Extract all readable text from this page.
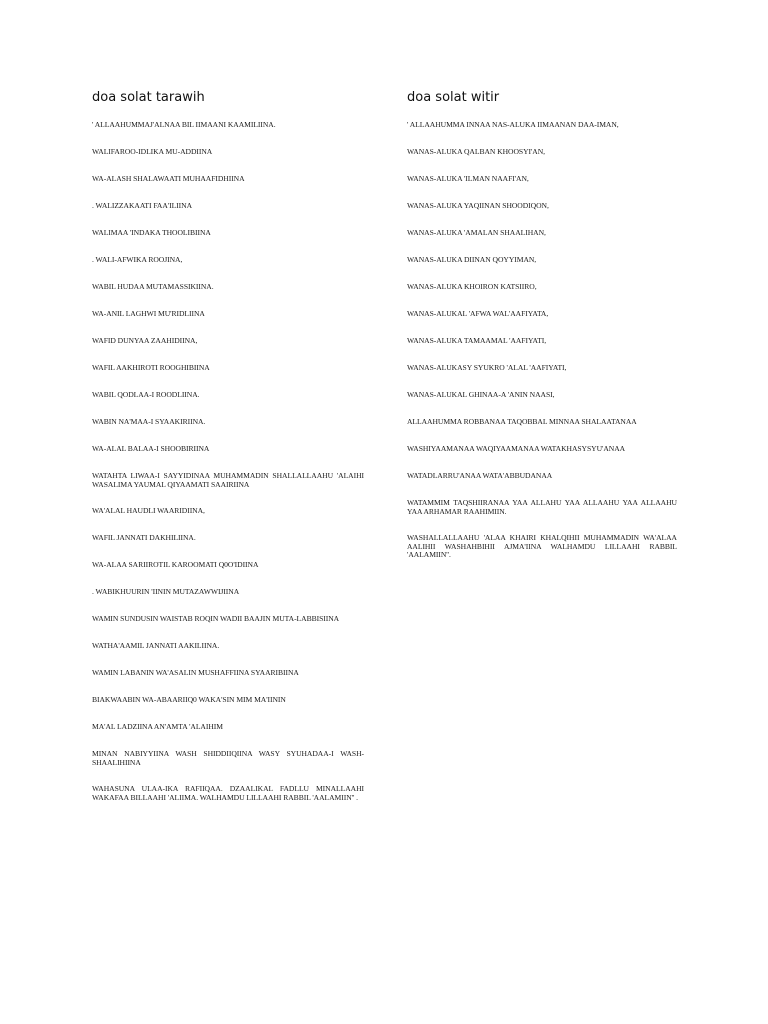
doa solat tarawih
' ALLAAHUMMAJ'ALNAA BIL IIMAANI KAAMILIINA.
WALIFAROO-IDLIKA MU-ADDIINA
WA-ALASH SHALAWAATI MUHAAFIDHIINA
. WALIZZAKAATI FAA'ILIINA
WALIMAA 'INDAKA THOOLIBIINA
. WALI-AFWIKA ROOJINA,
WABIL HUDAA MUTAMASSIKIINA.
WA-ANIL LAGHWI MU'RIDLIINA
WAFID DUNYAA ZAAHIDIINA,
WAFIL AAKHIROTI ROOGHIBIINA
WABIL QODLAA-I ROODLIINA.
WABIN NA'MAA-I SYAAKIRIINA.
WA-ALAL BALAA-I SHOOBIRIINA
WATAHTA LIWAA-I SAYYIDINAA MUHAMMADIN SHALLALLAAHU 'ALAIHI WASALIMA YAUMAL QIYAAMATI SAAIRIINA
WA'ALAL HAUDLI WAARIDIINA,
WAFIL JANNATI DAKHILIINA.
WA-ALAA SARIIROTIL KAROOMATI Q0O'IDIINA
. WABIKHUURIN 'IININ MUTAZAWWIJIINA
WAMIN SUNDUSIN WAISTAB ROQIN WADII BAAJIN MUTA-LABBISIINA
WATHA'AAMIL JANNATI AAKILIINA.
WAMIN LABANIN WA'ASALIN MUSHAFFIINA SYAARIBIINA
BIAKWAABIN WA-ABAARIIQ0 WAKA'SIN MIM MA'IININ
MA'AL LADZIINA AN'AMTA 'ALAIHIM
MINAN NABIYYIINA WASH SHIDDIIQIINA WASY SYUHADAA-I WASH-SHAALIHIINA
WAHASUNA ULAA-IKA RAFIIQAA. DZAALIKAL FADLLU MINALLAAHI WAKAFAA BILLAAHI 'ALIIMA. WALHAMDU LILLAAHI RABBIL 'AALAMIIN'' .
doa solat witir
' ALLAAHUMMA INNAA NAS-ALUKA IIMAANAN DAA-IMAN,
WANAS-ALUKA QALBAN KHOOSYI'AN,
WANAS-ALUKA 'ILMAN NAAFI'AN,
WANAS-ALUKA YAQIINAN SHOODIQON,
WANAS-ALUKA 'AMALAN SHAALIHAN,
WANAS-ALUKA DIINAN QOYYIMAN,
WANAS-ALUKA KHOIRON KATSIIRO,
WANAS-ALUKAL 'AFWA WAL'AAFIYATA,
WANAS-ALUKA TAMAAMAL 'AAFIYATI,
WANAS-ALUKASY SYUKRO 'ALAL 'AAFIYATI,
WANAS-ALUKAL GHINAA-A 'ANIN NAASI,
ALLAAHUMMA ROBBANAA TAQOBBAL MINNAA SHALAATANAA
WASHIYAAMANAA WAQIYAAMANAA WATAKHASYSYU'ANAA
WATADLARRU'ANAA WATA'ABBUDANAA
WATAMMIM TAQSHIIRANAA YAA ALLAHU YAA ALLAAHU YAA ALLAAHU YAA ARHAMAR RAAHIMIIN.
WASHALLALLAAHU 'ALAA KHAIRI KHALQIHII MUHAMMADIN WA'ALAA AALIHII WASHAHBIHII AJMA'IINA WALHAMDU LILLAAHI RABBIL 'AALAMIIN''.
